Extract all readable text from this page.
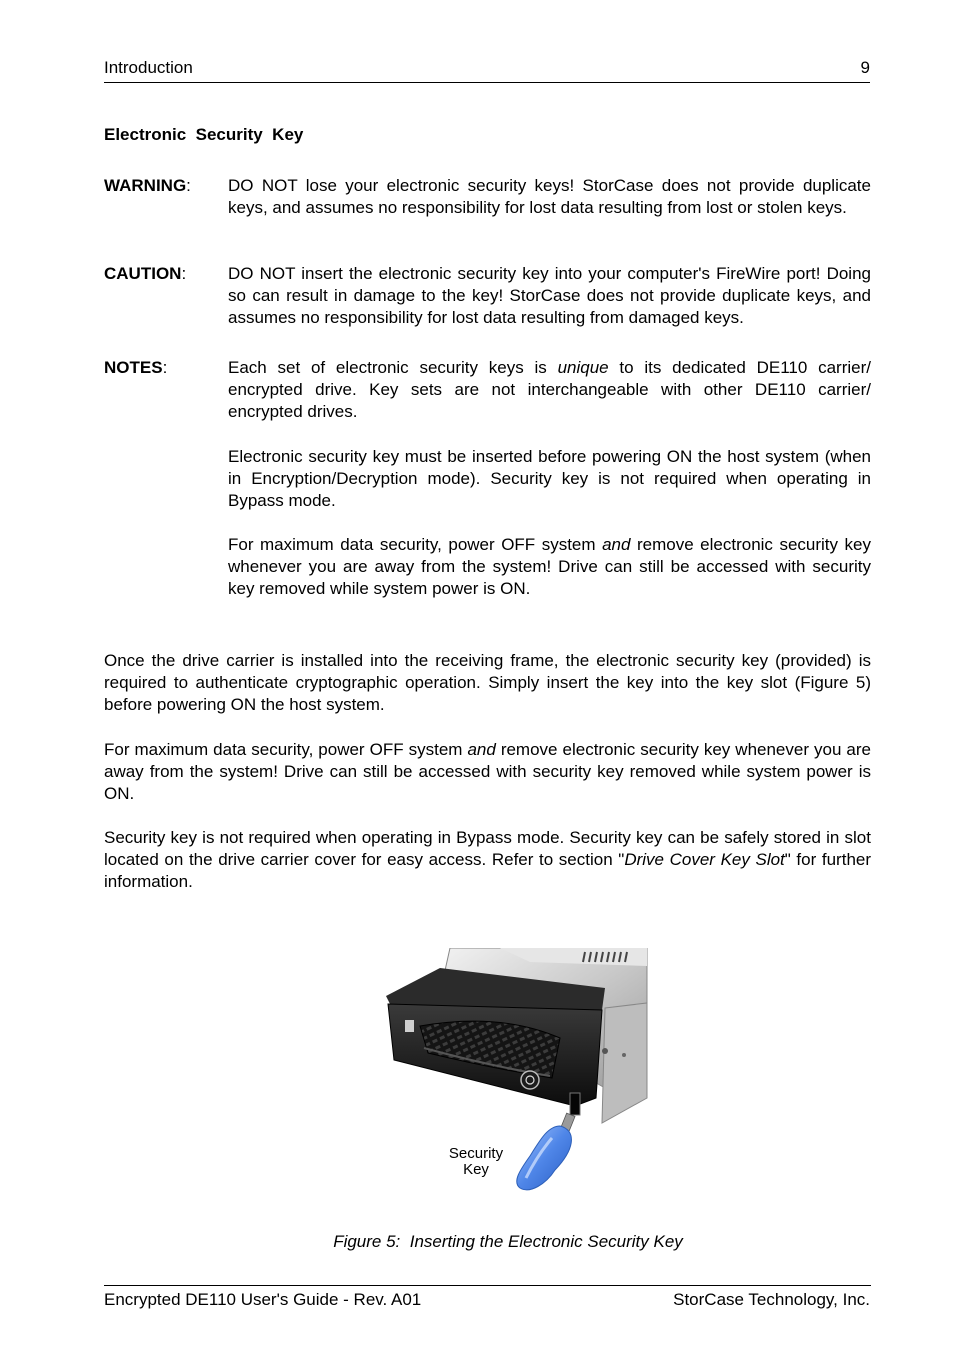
Introduction	9
Electronic  Security  Key
WARNING: DO NOT lose your electronic security keys! StorCase does not provide duplicate keys, and assumes no responsibility for lost data resulting from lost or stolen keys.
CAUTION: DO NOT insert the electronic security key into your computer's FireWire port! Doing so can result in damage to the key! StorCase does not provide duplicate keys, and assumes no responsibility for lost data resulting from damaged keys.
NOTES:	Each set of electronic security keys is unique to its dedicated DE110 carrier/ encrypted drive. Key sets are not interchangeable with other DE110 carrier/ encrypted drives.
Electronic security key must be inserted before powering ON the host system (when in Encryption/Decryption mode). Security key is not required when operating in Bypass mode.
For maximum data security, power OFF system and remove electronic security key whenever you are away from the system! Drive can still be accessed with security key removed while system power is ON.
Once the drive carrier is installed into the receiving frame, the electronic security key (provided) is required to authenticate cryptographic operation. Simply insert the key into the key slot (Figure 5) before powering ON the host system.
For maximum data security, power OFF system and remove electronic security key whenever you are away from the system! Drive can still be accessed with security key removed while system power is ON.
Security key is not required when operating in Bypass mode. Security key can be safely stored in slot located on the drive carrier cover for easy access. Refer to section "Drive Cover Key Slot" for further information.
Security
Key
Figure 5:  Inserting the Electronic Security Key
Encrypted DE110 User's Guide - Rev. A01	StorCase Technology, Inc.
